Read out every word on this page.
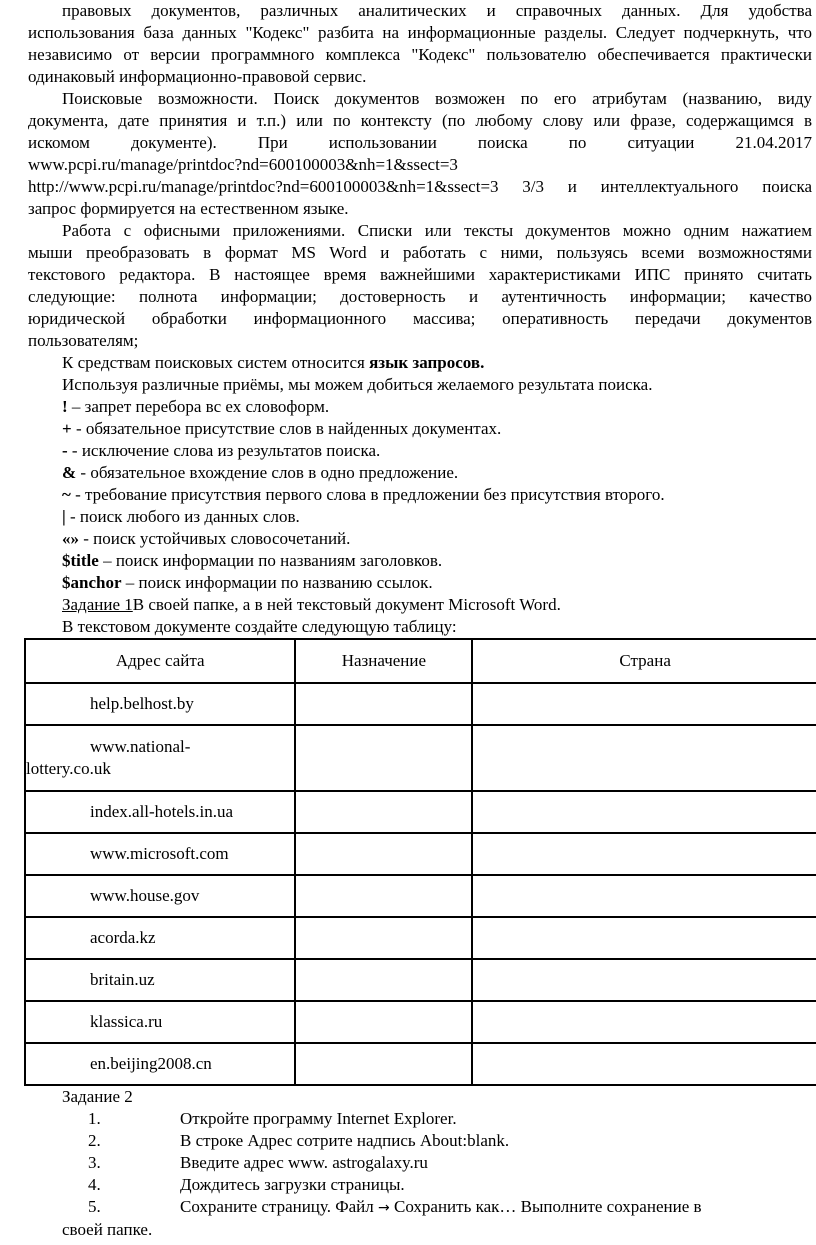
правовых документов, различных аналитических и справочных данных. Для удобства

использования база данных "Кодекс" разбита на информационные разделы. Следует подчеркнуть, что

независимо от версии программного комплекса "Кодекс" пользователю обеспечивается практически

одинаковый информационно-правовой сервис.

Поисковые возможности. Поиск документов возможен по его атрибутам (названию, виду

документа, дате принятия и т.п.) или по контексту (по любому слову или фразе, содержащимся в

искомом документе). При использовании поиска по ситуации 21.04.2017

www.pcpi.ru/manage/printdoc?nd=600100003&nh=1&ssect=3

http://www.pcpi.ru/manage/printdoc?nd=600100003&nh=1&ssect=3 3/3 и интеллектуального поиска

запрос формируется на естественном языке.

Работа с офисными приложениями. Списки или тексты документов можно одним нажатием

мыши преобразовать в формат MS Word и работать с ними, пользуясь всеми возможностями

текстового редактора. В настоящее время важнейшими характеристиками ИПС принято считать

следующие: полнота информации; достоверность и аутентичность информации; качество

юридической обработки информационного массива; оперативность передачи документов

пользователям;

К средствам поисковых систем относится язык запросов.

Используя различные приёмы, мы можем добиться желаемого результата поиска.

! – запрет перебора вс ех словоформ.

+ - обязательное присутствие слов в найденных документах.

- - исключение слова из результатов поиска.

& - обязательное вхождение слов в одно предложение.

~ - требование присутствия первого слова в предложении без присутствия второго.

| - поиск любого из данных слов.

«» - поиск устойчивых словосочетаний.

$title – поиск информации по названиям заголовков.

$anchor – поиск информации по названию ссылок.

Задание 1В своей папке, а в ней текстовый документ Microsoft Word.

В текстовом документе создайте следующую таблицу:

Адрес сайта	Назначение	Страна

help.belhost.by		

www.national-
lottery.co.uk		

index.all-hotels.in.ua		

www.microsoft.com		

www.house.gov		

acorda.kz		

britain.uz		

klassica.ru		

en.beijing2008.cn		

Задание 2

1.	Откройте программу Internet Explorer.
2.	В строке Адрес сотрите надпись About:blank.
3.	Введите адрес www. astrogalaxy.ru
4.	Дождитесь загрузки страницы.
5.	Сохраните страницу. Файл → Сохранить как… Выполните сохранение в

своей папке.
